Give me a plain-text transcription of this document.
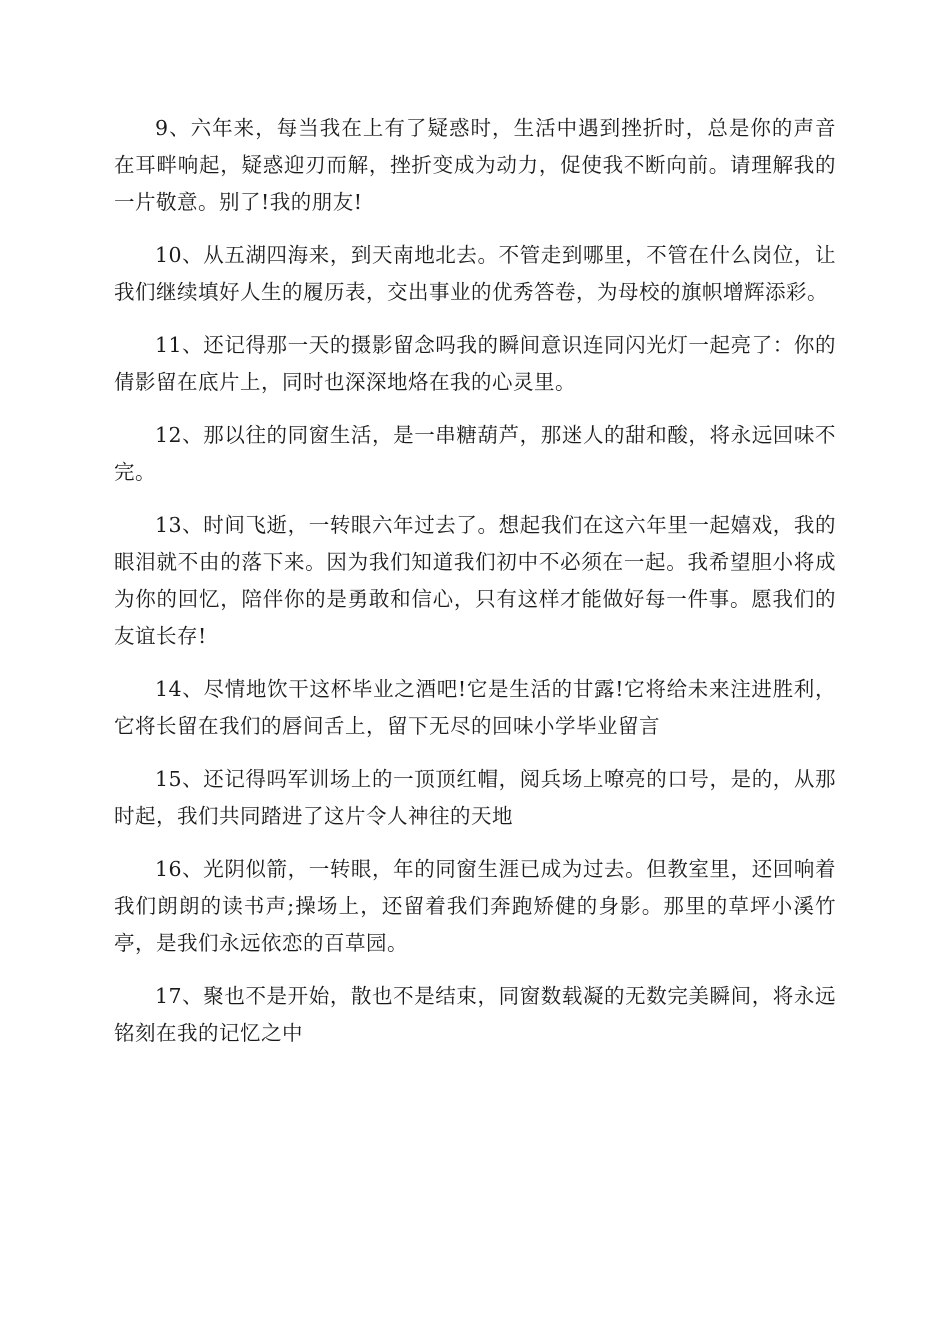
9、六年来，每当我在上有了疑惑时，生活中遇到挫折时，总是你的声音在耳畔响起，疑惑迎刃而解，挫折变成为动力，促使我不断向前。请理解我的一片敬意。别了!我的朋友!

10、从五湖四海来，到天南地北去。不管走到哪里，不管在什么岗位，让我们继续填好人生的履历表，交出事业的优秀答卷，为母校的旗帜增辉添彩。

11、还记得那一天的摄影留念吗我的瞬间意识连同闪光灯一起亮了：你的倩影留在底片上，同时也深深地烙在我的心灵里。

12、那以往的同窗生活，是一串糖葫芦，那迷人的甜和酸，将永远回味不完。

13、时间飞逝，一转眼六年过去了。想起我们在这六年里一起嬉戏，我的眼泪就不由的落下来。因为我们知道我们初中不必须在一起。我希望胆小将成为你的回忆，陪伴你的是勇敢和信心，只有这样才能做好每一件事。愿我们的友谊长存!

14、尽情地饮干这杯毕业之酒吧!它是生活的甘露!它将给未来注进胜利，它将长留在我们的唇间舌上，留下无尽的回味小学毕业留言

15、还记得吗军训场上的一顶顶红帽，阅兵场上嘹亮的口号，是的，从那时起，我们共同踏进了这片令人神往的天地

16、光阴似箭，一转眼，年的同窗生涯已成为过去。但教室里，还回响着我们朗朗的读书声;操场上，还留着我们奔跑矫健的身影。那里的草坪小溪竹亭，是我们永远依恋的百草园。

17、聚也不是开始，散也不是结束，同窗数载凝的无数完美瞬间，将永远铭刻在我的记忆之中
